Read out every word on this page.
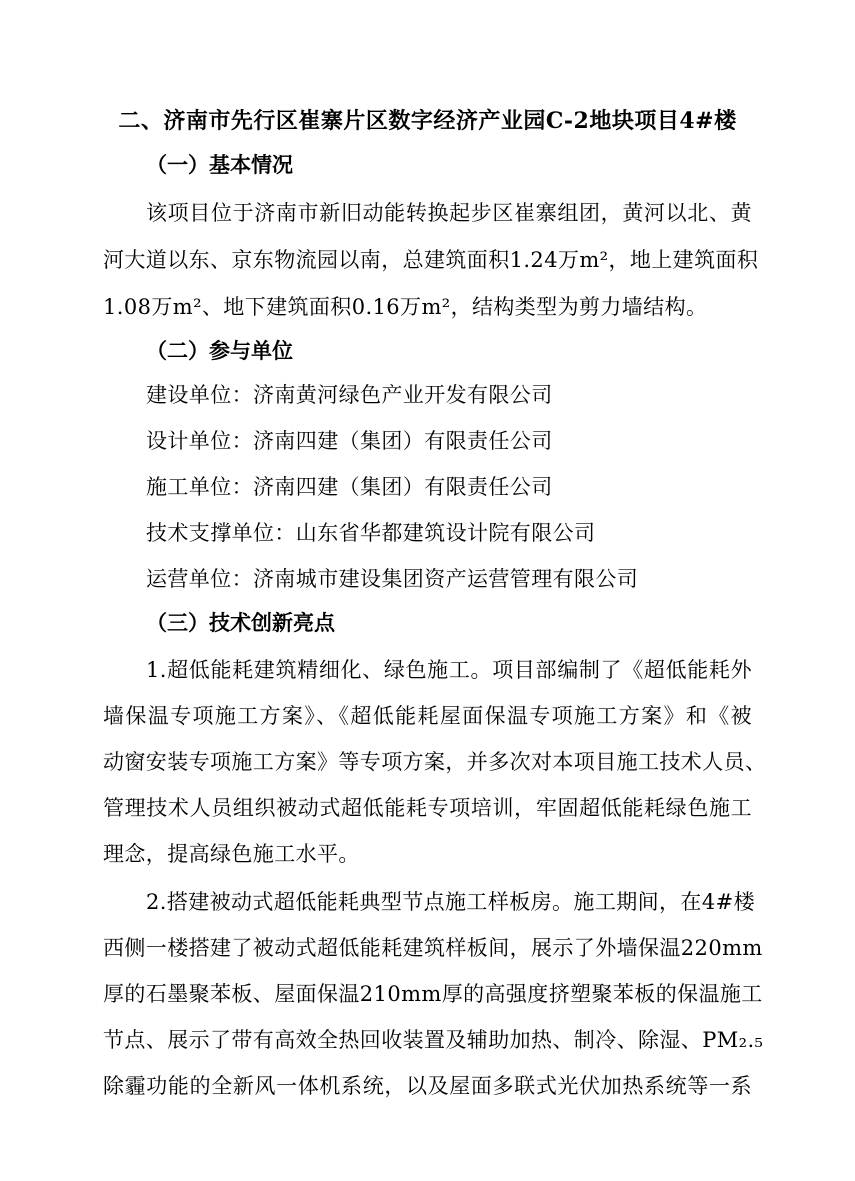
二、济南市先行区崔寨片区数字经济产业园C-2地块项目4#楼

（一）基本情况

该项目位于济南市新旧动能转换起步区崔寨组团，黄河以北、黄

河大道以东、京东物流园以南，总建筑面积1.24万m²，地上建筑面积

1.08万m²、地下建筑面积0.16万m²，结构类型为剪力墙结构。

（二）参与单位

建设单位：济南黄河绿色产业开发有限公司

设计单位：济南四建（集团）有限责任公司

施工单位：济南四建（集团）有限责任公司

技术支撑单位：山东省华都建筑设计院有限公司

运营单位：济南城市建设集团资产运营管理有限公司

（三）技术创新亮点

1.超低能耗建筑精细化、绿色施工。项目部编制了《超低能耗外

墙保温专项施工方案》、《超低能耗屋面保温专项施工方案》和《被

动窗安装专项施工方案》等专项方案，并多次对本项目施工技术人员、

管理技术人员组织被动式超低能耗专项培训，牢固超低能耗绿色施工

理念，提高绿色施工水平。

2.搭建被动式超低能耗典型节点施工样板房。施工期间，在4#楼

西侧一楼搭建了被动式超低能耗建筑样板间，展示了外墙保温220mm

厚的石墨聚苯板、屋面保温210mm厚的高强度挤塑聚苯板的保温施工

节点、展示了带有高效全热回收装置及辅助加热、制冷、除湿、PM₂.₅

除霾功能的全新风一体机系统，以及屋面多联式光伏加热系统等一系
